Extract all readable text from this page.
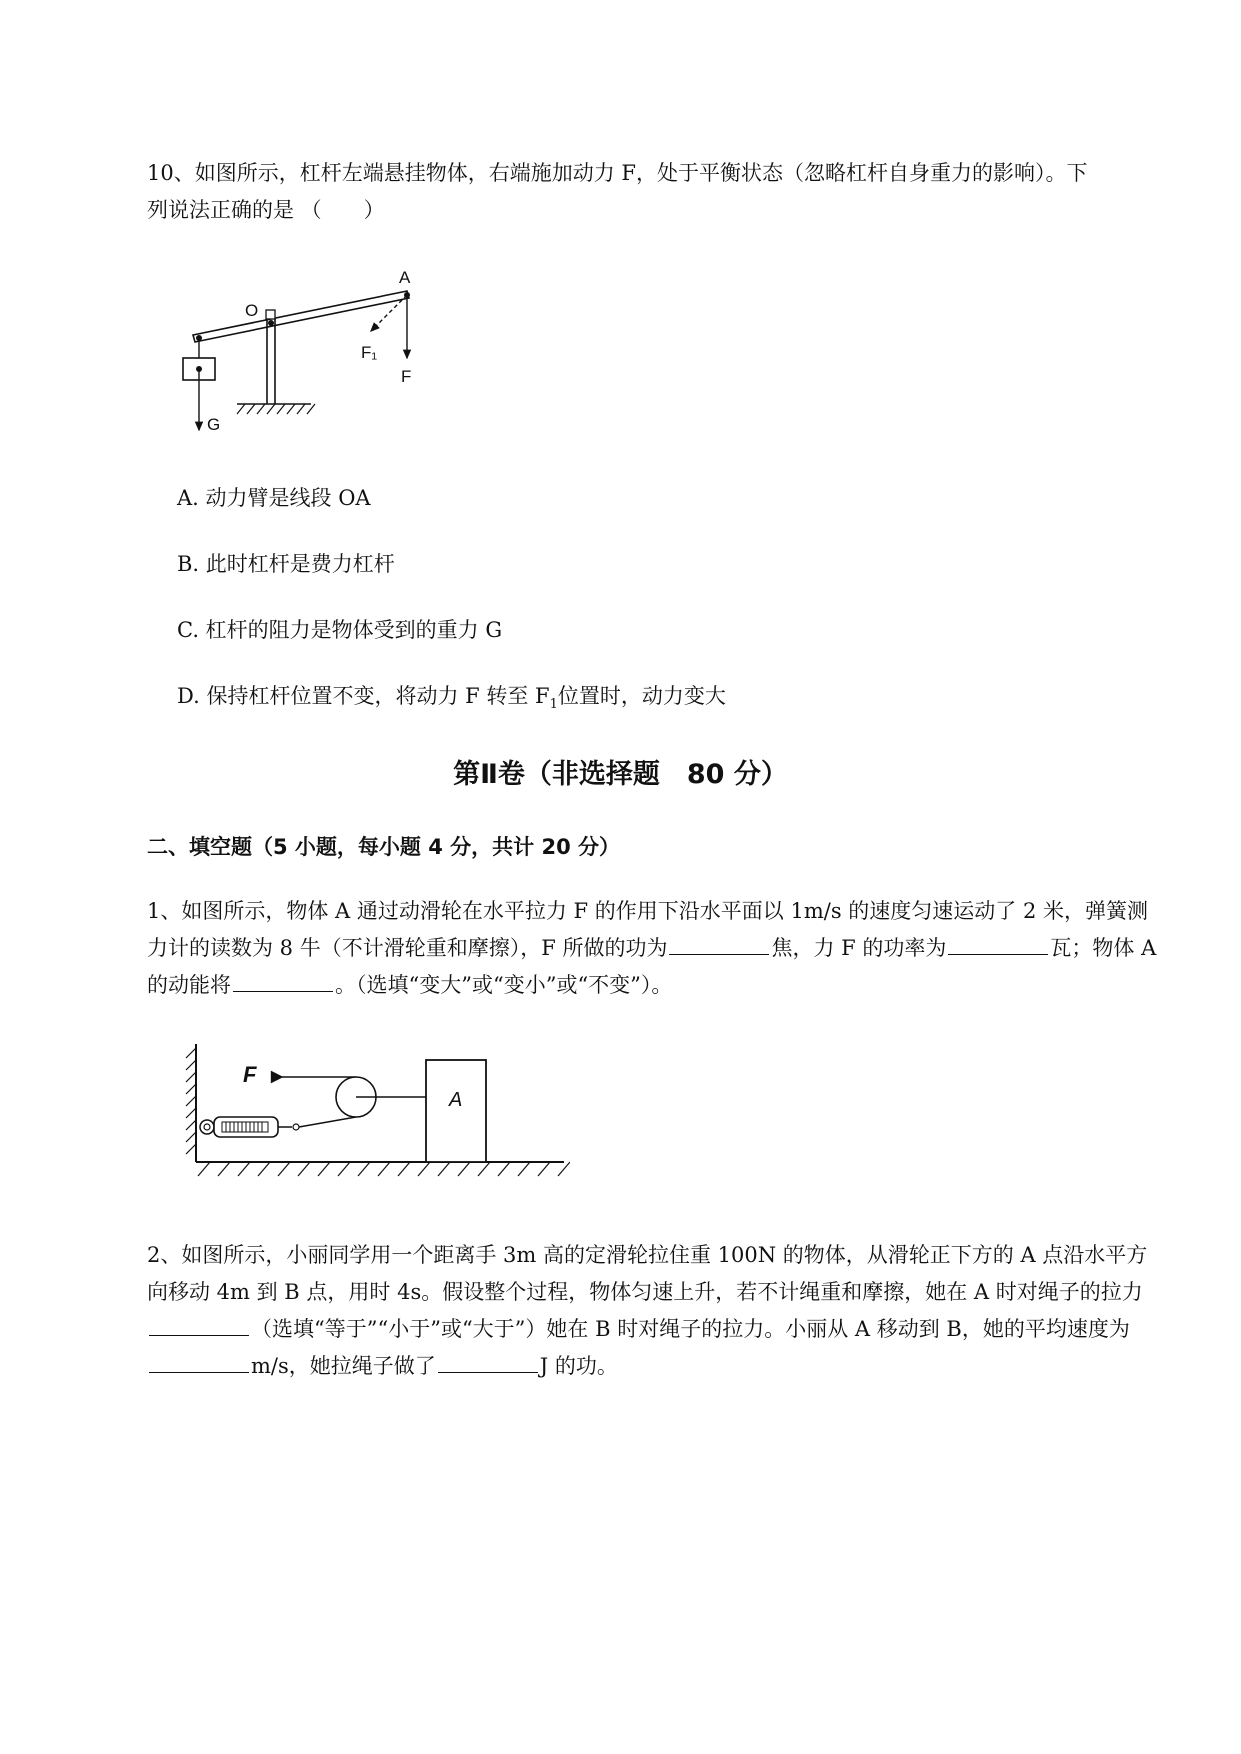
10、如图所示，杠杆左端悬挂物体，右端施加动力 F，处于平衡状态（忽略杠杆自身重力的影响）。下
列说法正确的是 （　　）

A
O
F₁
F
G

A. 动力臂是线段 OA

B. 此时杠杆是费力杠杆

C. 杠杆的阻力是物体受到的重力 G

D. 保持杠杆位置不变，将动力 F 转至 $F_1$位置时，动力变大

第Ⅱ卷（非选择题　80 分）
二、填空题（5 小题，每小题 4 分，共计 20 分）

1、如图所示，物体 A 通过动滑轮在水平拉力 F 的作用下沿水平面以 1m/s 的速度匀速运动了 2 米，弹簧测力计的读数为 8 牛（不计滑轮重和摩擦），F 所做的功为	焦，力 F 的功率为	瓦；物体 A 的动能将	。（选填“变大”或“变小”或“不变”）。

F
A

2、如图所示，小丽同学用一个距离手 3m 高的定滑轮拉住重 100N 的物体，从滑轮正下方的 A 点沿水平方向移动 4m 到 B 点，用时 4s。假设整个过程，物体匀速上升，若不计绳重和摩擦，她在 A 时对绳子的拉力（选填“等于”“小于”或“大于”）她在 B 时对绳子的拉力。小丽从 A 移动到 B，她的平均速度为m/s，她拉绳子做了	J 的功。
